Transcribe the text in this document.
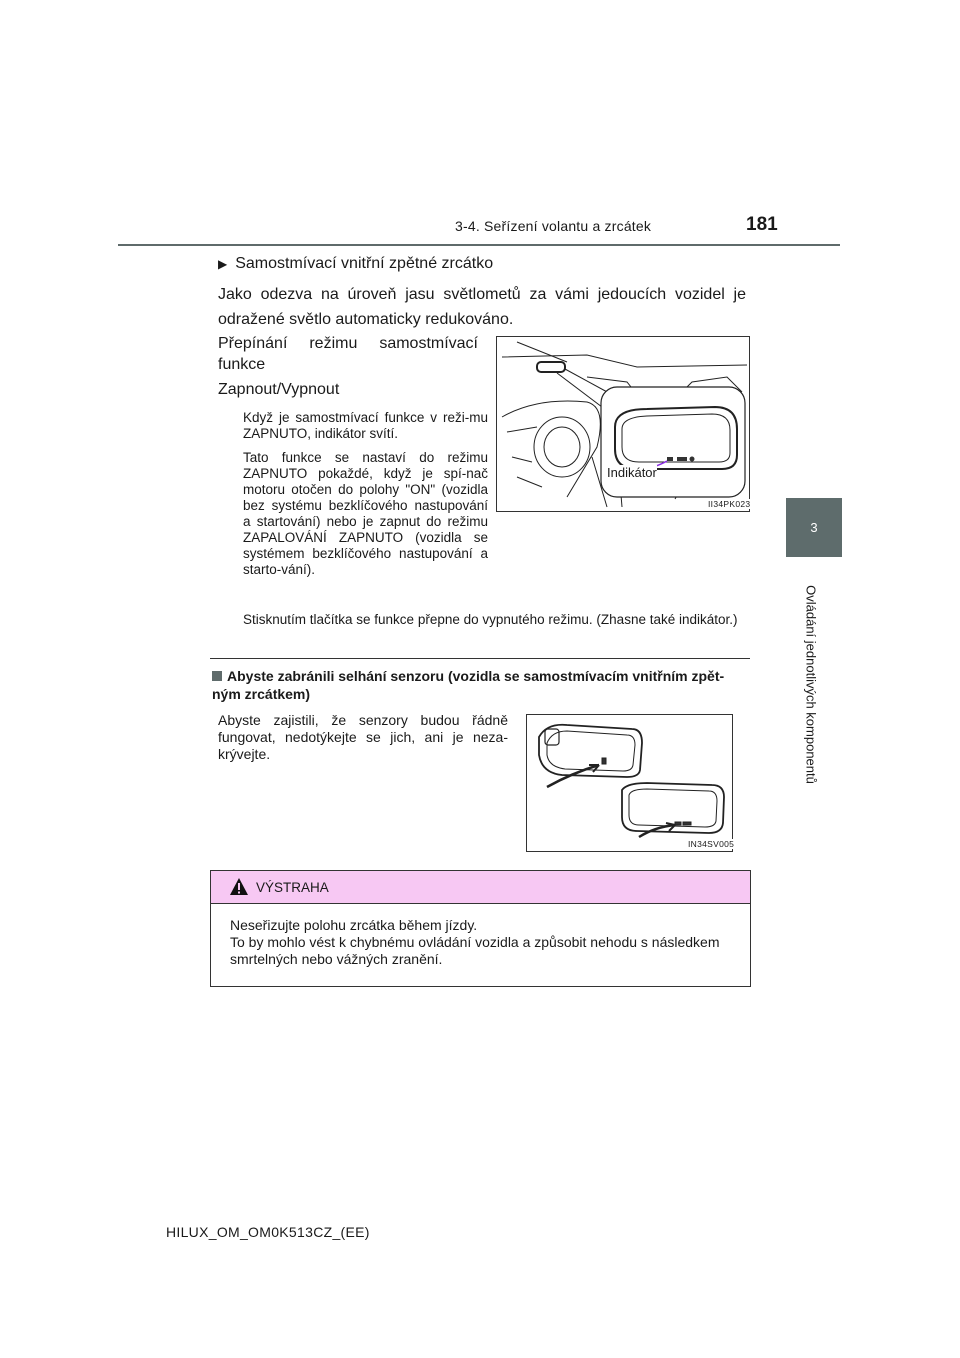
3-4. Seřízení volantu a zrcátek	181
3
Ovládání jednotlivých komponentů
▶ Samostmívací vnitřní zpětné zrcátko
Jako odezva na úroveň jasu světlometů za vámi jedoucích vozidel je odražené světlo automaticky redukováno.
Přepínání režimu samostmívací
funkce
Zapnout/Vypnout
Když je samostmívací funkce v reži-mu ZAPNUTO, indikátor svítí.
Tato funkce se nastaví do režimu ZAPNUTO pokaždé, když je spí-nač motoru otočen do polohy "ON" (vozidla bez systému bezklíčového nastupování a startování) nebo je zapnut do režimu ZAPALOVÁNÍ ZAPNUTO (vozidla se systémem bezklíčového nastupování a starto-vání).
Stisknutím tlačítka se funkce přepne do vypnutého režimu. (Zhasne také indikátor.)
Indikátor
II34PK023
Abyste zabránili selhání senzoru (vozidla se samostmívacím vnitřním zpět-ným zrcátkem)
Abyste zajistili, že senzory budou řádně fungovat, nedotýkejte se jich, ani je neza-krývejte.
IN34SV005
VÝSTRAHA
Neseřizujte polohu zrcátka během jízdy.
To by mohlo vést k chybnému ovládání vozidla a způsobit nehodu s následkem smrtelných nebo vážných zranění.
HILUX_OM_OM0K513CZ_(EE)
